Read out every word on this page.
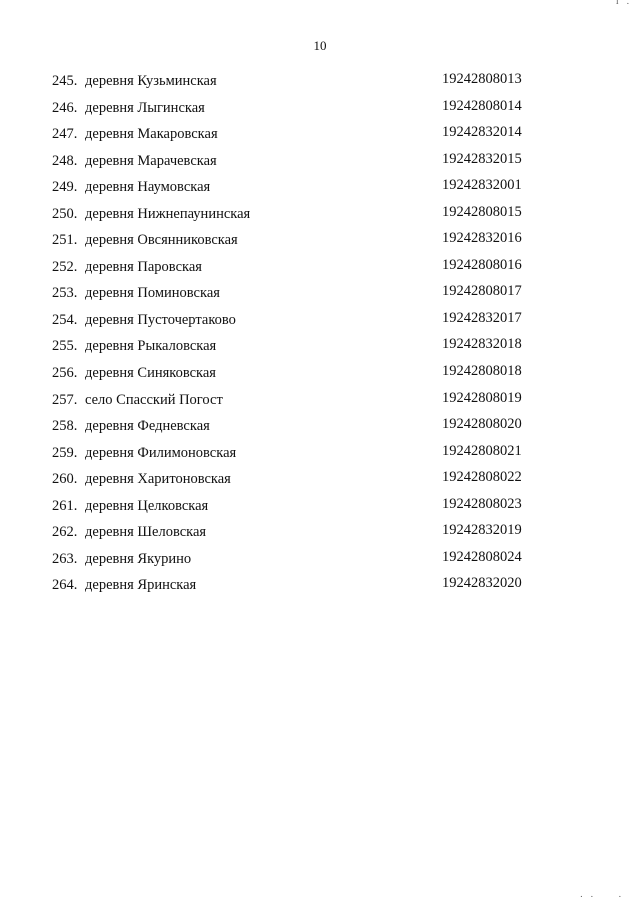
10
245. деревня Кузьминская	19242808013
246. деревня Лыгинская	19242808014
247. деревня Макаровская	19242832014
248. деревня Марачевская	19242832015
249. деревня Наумовская	19242832001
250. деревня Нижнепаунинская	19242808015
251. деревня Овсянниковская	19242832016
252. деревня Паровская	19242808016
253. деревня Поминовская	19242808017
254. деревня Пусточертаково	19242832017
255. деревня Рыкаловская	19242832018
256. деревня Синяковская	19242808018
257. село Спасский Погост	19242808019
258. деревня Федневская	19242808020
259. деревня Филимоновская	19242808021
260. деревня Харитоновская	19242808022
261. деревня Целковская	19242808023
262. деревня Шеловская	19242832019
263. деревня Якурино	19242808024
264. деревня Яринская	19242832020
ı .
. .	.
